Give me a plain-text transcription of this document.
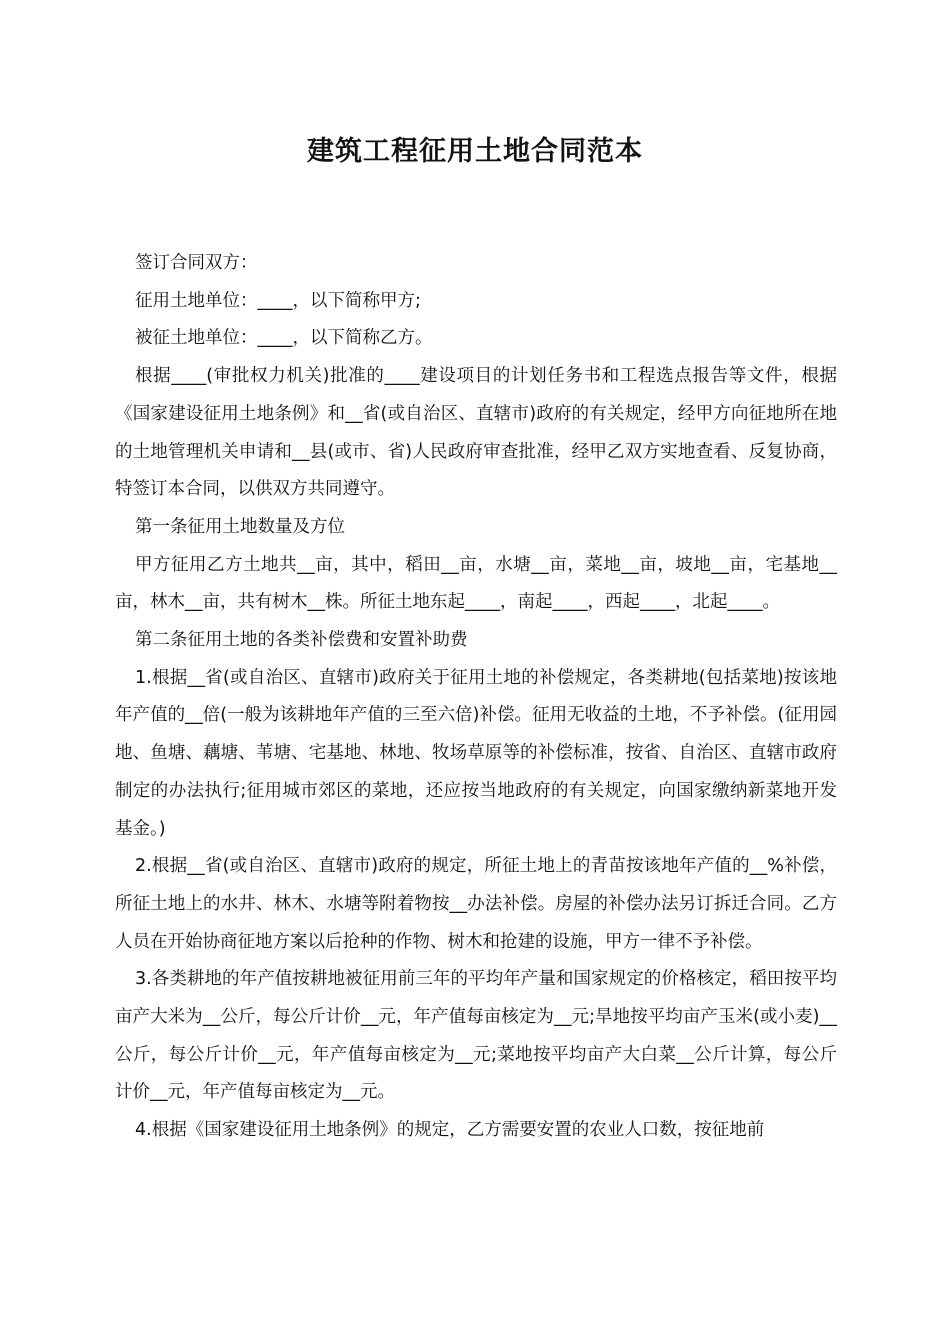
建筑工程征用土地合同范本

签订合同双方：

征用土地单位：____，以下简称甲方;

被征土地单位：____，以下简称乙方。

根据____(审批权力机关)批准的____建设项目的计划任务书和工程选点报告等文件，根据《国家建设征用土地条例》和__省(或自治区、直辖市)政府的有关规定，经甲方向征地所在地的土地管理机关申请和__县(或市、省)人民政府审查批准，经甲乙双方实地查看、反复协商，特签订本合同，以供双方共同遵守。

第一条征用土地数量及方位

甲方征用乙方土地共__亩，其中，稻田__亩，水塘__亩，菜地__亩，坡地__亩，宅基地__亩，林木__亩，共有树木__株。所征土地东起____，南起____，西起____，北起____。

第二条征用土地的各类补偿费和安置补助费

1.根据__省(或自治区、直辖市)政府关于征用土地的补偿规定，各类耕地(包括菜地)按该地年产值的__倍(一般为该耕地年产值的三至六倍)补偿。征用无收益的土地，不予补偿。(征用园地、鱼塘、藕塘、苇塘、宅基地、林地、牧场草原等的补偿标准，按省、自治区、直辖市政府制定的办法执行;征用城市郊区的菜地，还应按当地政府的有关规定，向国家缴纳新菜地开发基金。)

2.根据__省(或自治区、直辖市)政府的规定，所征土地上的青苗按该地年产值的__%补偿，所征土地上的水井、林木、水塘等附着物按__办法补偿。房屋的补偿办法另订拆迁合同。乙方人员在开始协商征地方案以后抢种的作物、树木和抢建的设施，甲方一律不予补偿。

3.各类耕地的年产值按耕地被征用前三年的平均年产量和国家规定的价格核定，稻田按平均亩产大米为__公斤，每公斤计价__元，年产值每亩核定为__元;旱地按平均亩产玉米(或小麦)__公斤，每公斤计价__元，年产值每亩核定为__元;菜地按平均亩产大白菜__公斤计算，每公斤计价__元，年产值每亩核定为__元。

4.根据《国家建设征用土地条例》的规定，乙方需要安置的农业人口数，按征地前
